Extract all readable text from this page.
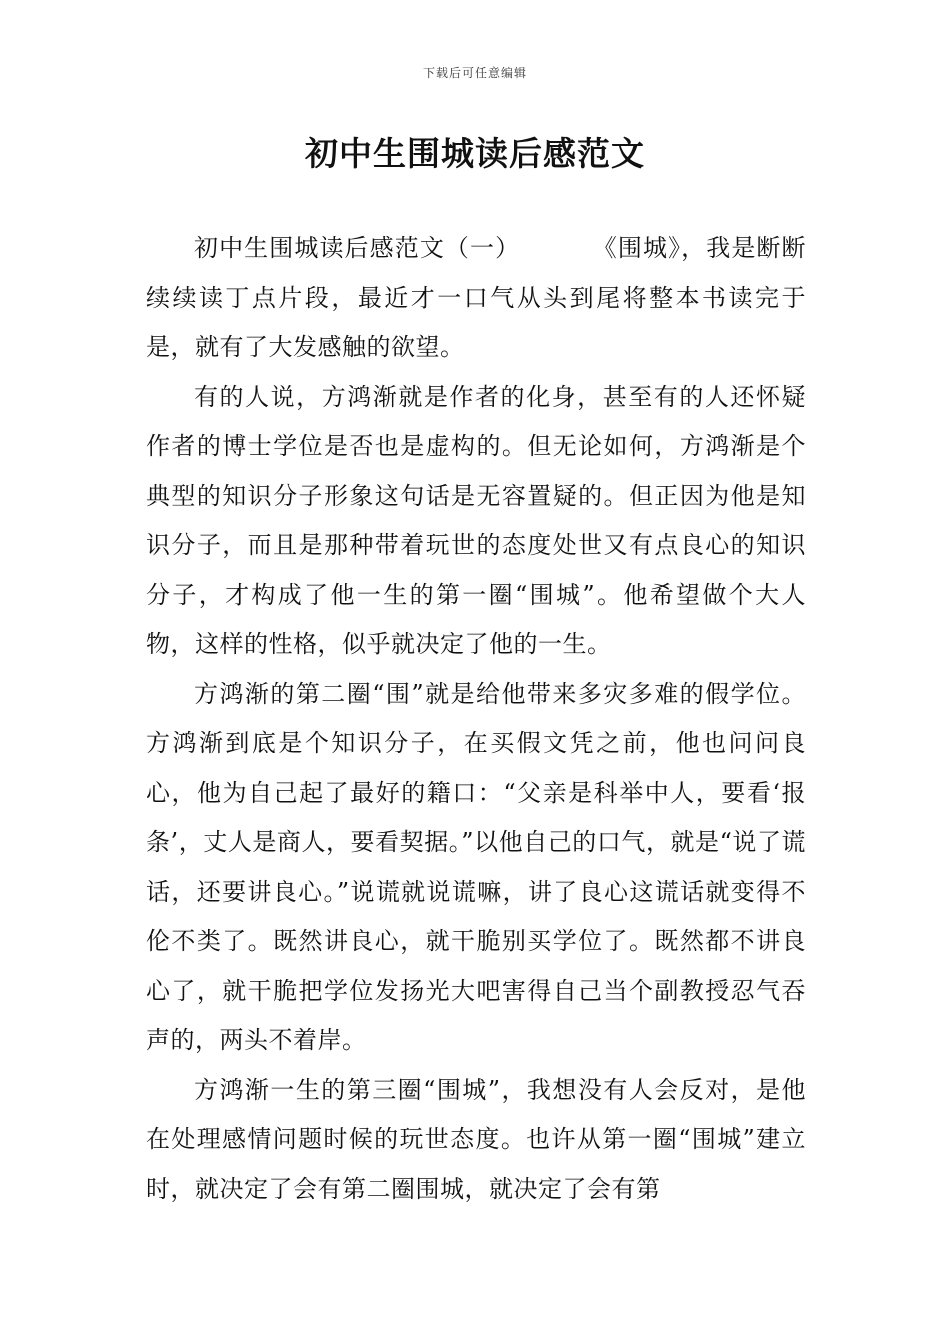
下载后可任意编辑
初中生围城读后感范文

初中生围城读后感范文（一）	《围城》，我是断断续续读丁点片段，最近才一口气从头到尾将整本书读完于是，就有了大发感触的欲望。

有的人说，方鸿渐就是作者的化身，甚至有的人还怀疑作者的博士学位是否也是虚构的。但无论如何，方鸿渐是个典型的知识分子形象这句话是无容置疑的。但正因为他是知识分子，而且是那种带着玩世的态度处世又有点良心的知识分子，才构成了他一生的第一圈“围城”。他希望做个大人物，这样的性格，似乎就决定了他的一生。

方鸿渐的第二圈“围”就是给他带来多灾多难的假学位。方鸿渐到底是个知识分子，在买假文凭之前，他也问问良心，他为自己起了最好的籍口：“父亲是科举中人，要看‘报条’，丈人是商人，要看契据。”以他自己的口气，就是“说了谎话，还要讲良心。”说谎就说谎嘛，讲了良心这谎话就变得不伦不类了。既然讲良心，就干脆别买学位了。既然都不讲良心了，就干脆把学位发扬光大吧害得自己当个副教授忍气吞声的，两头不着岸。

方鸿渐一生的第三圈“围城”，我想没有人会反对，是他在处理感情问题时候的玩世态度。也许从第一圈“围城”建立时，就决定了会有第二圈围城，就决定了会有第
